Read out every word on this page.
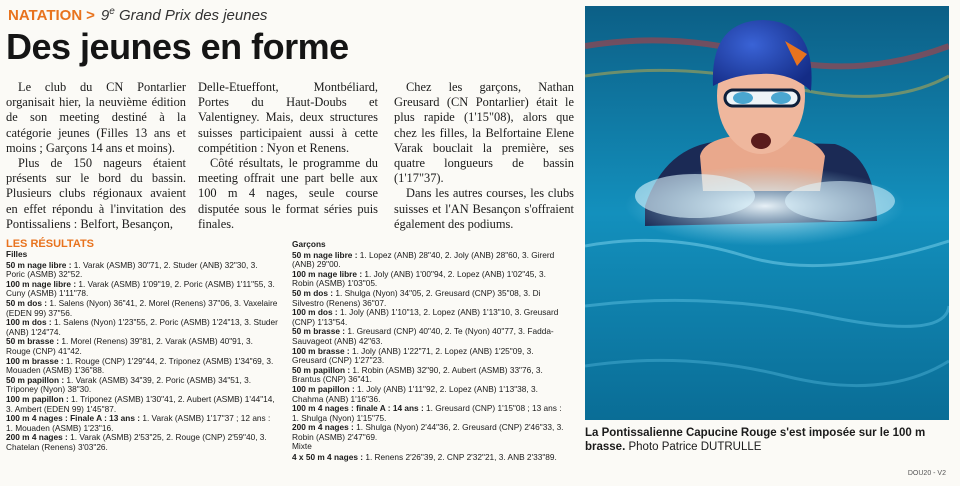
NATATION > $9^e$ Grand Prix des jeunes
Des jeunes en forme

Le club du CN Pontarlier organisait hier, la neuvième édition de son meeting destiné à la catégorie jeunes (Filles 13 ans et moins ; Garçons 14 ans et moins).

Plus de 150 nageurs étaient présents sur le bord du bassin. Plusieurs clubs régionaux avaient en effet répondu à l'invitation des Pontissaliens : Belfort, Besançon,

Delle-Etueffont, Montbéliard, Portes du Haut-Doubs et Valentigney. Mais, deux structures suisses participaient aussi à cette compétition : Nyon et Renens.

Côté résultats, le programme du meeting offrait une part belle aux 100 m 4 nages, seule course disputée sous le format séries puis finales.

Chez les garçons, Nathan Greusard (CN Pontarlier) était le plus rapide (1'15"08), alors que chez les filles, la Belfortaine Elene Varak bouclait la première, ses quatre longueurs de bassin (1'17"37).

Dans les autres courses, les clubs suisses et l'AN Besançon s'offraient également des podiums.

LES RÉSULTATS
Filles

50 m nage libre : 1. Varak (ASMB) 30"71, 2. Studer (ANB) 32"30, 3. Poric (ASMB) 32"52.

100 m nage libre : 1. Varak (ASMB) 1'09"19, 2. Poric (ASMB) 1'11"55, 3. Cuny (ASMB) 1'11"78.

50 m dos : 1. Salens (Nyon) 36"41, 2. Morel (Renens) 37"06, 3. Vaxelaire (EDEN 99) 37"56.

100 m dos : 1. Salens (Nyon) 1'23"55, 2. Poric (ASMB) 1'24"13, 3. Studer (ANB) 1'24"74.

50 m brasse : 1. Morel (Renens) 39"81, 2. Varak (ASMB) 40"91, 3. Rouge (CNP) 41"42.

100 m brasse : 1. Rouge (CNP) 1'29"44, 2. Triponez (ASMB) 1'34"69, 3. Mouaden (ASMB) 1'36"88.

50 m papillon : 1. Varak (ASMB) 34"39, 2. Poric (ASMB) 34"51, 3. Triponey (Nyon) 38"30.

100 m papillon : 1. Triponez (ASMB) 1'30"41, 2. Aubert (ASMB) 1'44"14, 3. Ambert (EDEN 99) 1'45"87.

100 m 4 nages : Finale A : 13 ans : 1. Varak (ASMB) 1'17"37 ; 12 ans : 1. Mouaden (ASMB) 1'23"16.

200 m 4 nages : 1. Varak (ASMB) 2'53"25, 2. Rouge (CNP) 2'59"40, 3. Chatelan (Renens) 3'03"26.

Garçons

50 m nage libre : 1. Lopez (ANB) 28"40, 2. Joly (ANB) 28"60, 3. Girerd (ANB) 29"00.

100 m nage libre : 1. Joly (ANB) 1'00"94, 2. Lopez (ANB) 1'02"45, 3. Robin (ASMB) 1'03"05.

50 m dos : 1. Shulga (Nyon) 34"05, 2. Greusard (CNP) 35"08, 3. Di Silvestro (Renens) 36"07.

100 m dos : 1. Joly (ANB) 1'10"13, 2. Lopez (ANB) 1'13"10, 3. Greusard (CNP) 1'13"54.

50 m brasse : 1. Greusard (CNP) 40"40, 2. Te (Nyon) 40"77, 3. Fadda-Sauvageot (ANB) 42"63.

100 m brasse : 1. Joly (ANB) 1'22"71, 2. Lopez (ANB) 1'25"09, 3. Greusard (CNP) 1'27"23.

50 m papillon : 1. Robin (ASMB) 32"90, 2. Aubert (ASMB) 33"76, 3. Brantus (CNP) 36"41.

100 m papillon : 1. Joly (ANB) 1'11"92, 2. Lopez (ANB) 1'13"38, 3. Chahma (ANB) 1'16"36.

100 m 4 nages : finale A : 14 ans : 1. Greusard (CNP) 1'15"08 ; 13 ans : 1. Shulga (Nyon) 1'15"75.

200 m 4 nages : 1. Shulga (Nyon) 2'44"36, 2. Greusard (CNP) 2'46"33, 3. Robin (ASMB) 2'47"69.

Mixte

4 x 50 m 4 nages : 1. Renens 2'26"39, 2. CNP 2'32"21, 3. ANB 2'33"89.

La Pontissalienne Capucine Rouge s'est imposée sur le 100 m brasse. Photo Patrice DUTRULLE
DOU20 - V2
